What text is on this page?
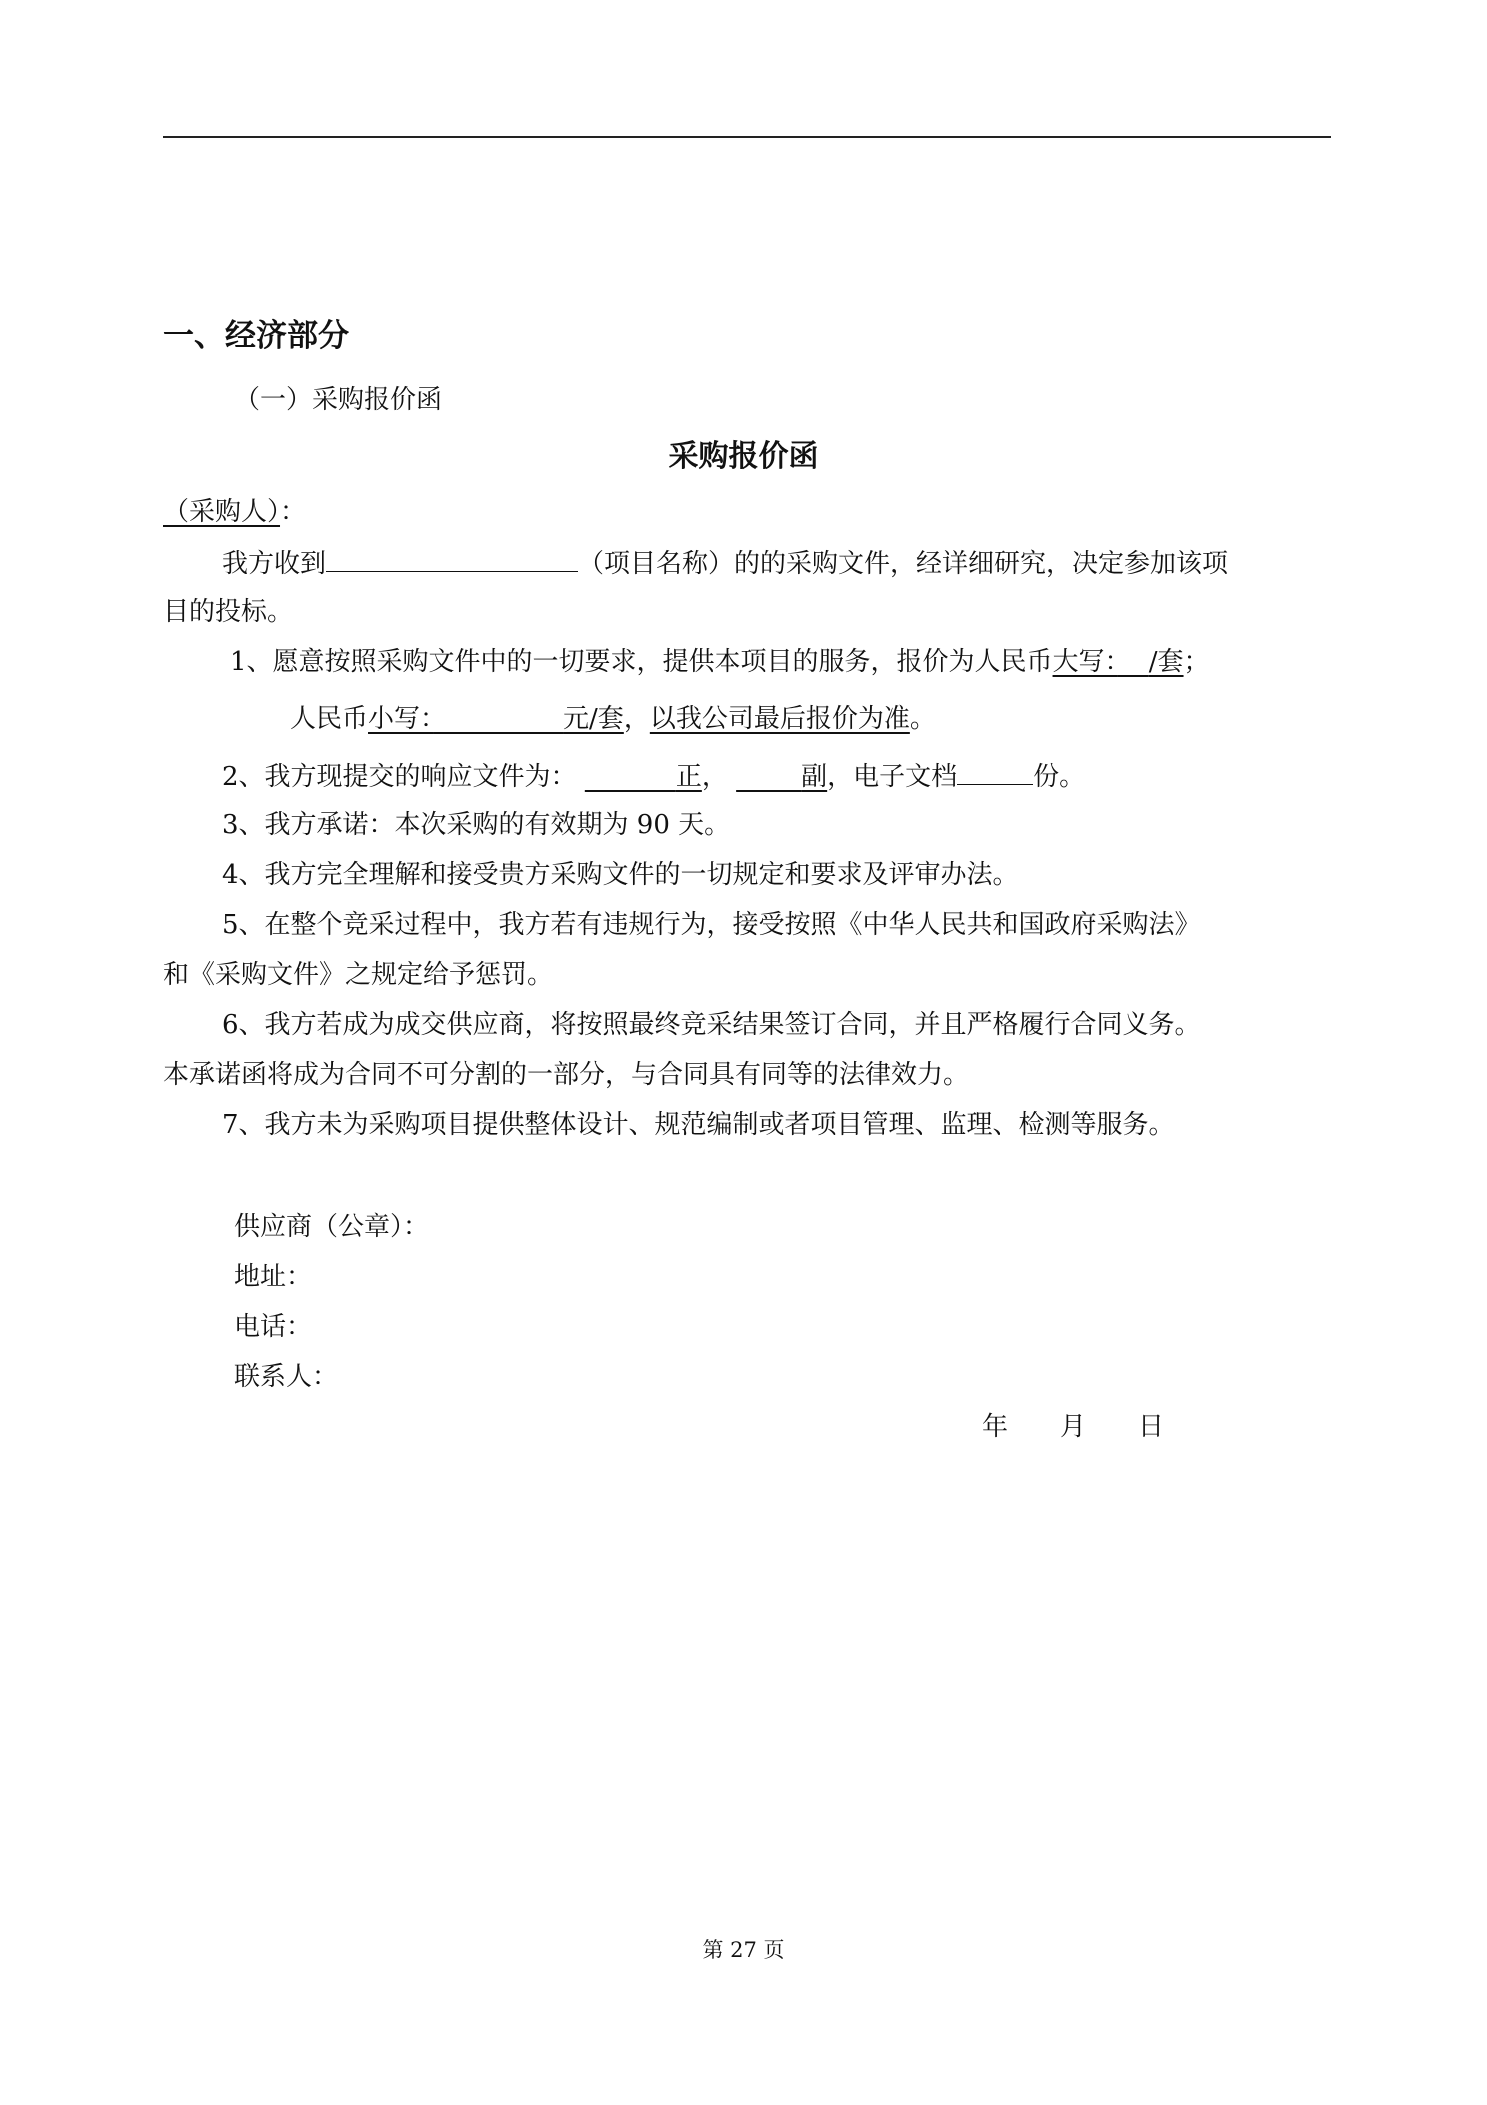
一、经济部分
（一）采购报价函
采购报价函
（采购人）：
我方收到	（项目名称）的的采购文件，经详细研究，决定参加该项
目的投标。
1、愿意按照采购文件中的一切要求，提供本项目的服务，报价为人民币大写：　  /套；
人民币小写：　　　　　	元/套，以我公司最后报价为准。
2、我方现提交的响应文件为： 　　　 	正， 　　 	副，电子文档	份。
3、我方承诺：本次采购的有效期为 90 天。
4、我方完全理解和接受贵方采购文件的一切规定和要求及评审办法。
5、在整个竞采过程中，我方若有违规行为，接受按照《中华人民共和国政府采购法》
和《采购文件》之规定给予惩罚。
6、我方若成为成交供应商，将按照最终竞采结果签订合同，并且严格履行合同义务。
本承诺函将成为合同不可分割的一部分，与合同具有同等的法律效力。
7、我方未为采购项目提供整体设计、规范编制或者项目管理、监理、检测等服务。
供应商（公章）：
地址：
电话：
联系人：
年　　月　　日
第 27 页
